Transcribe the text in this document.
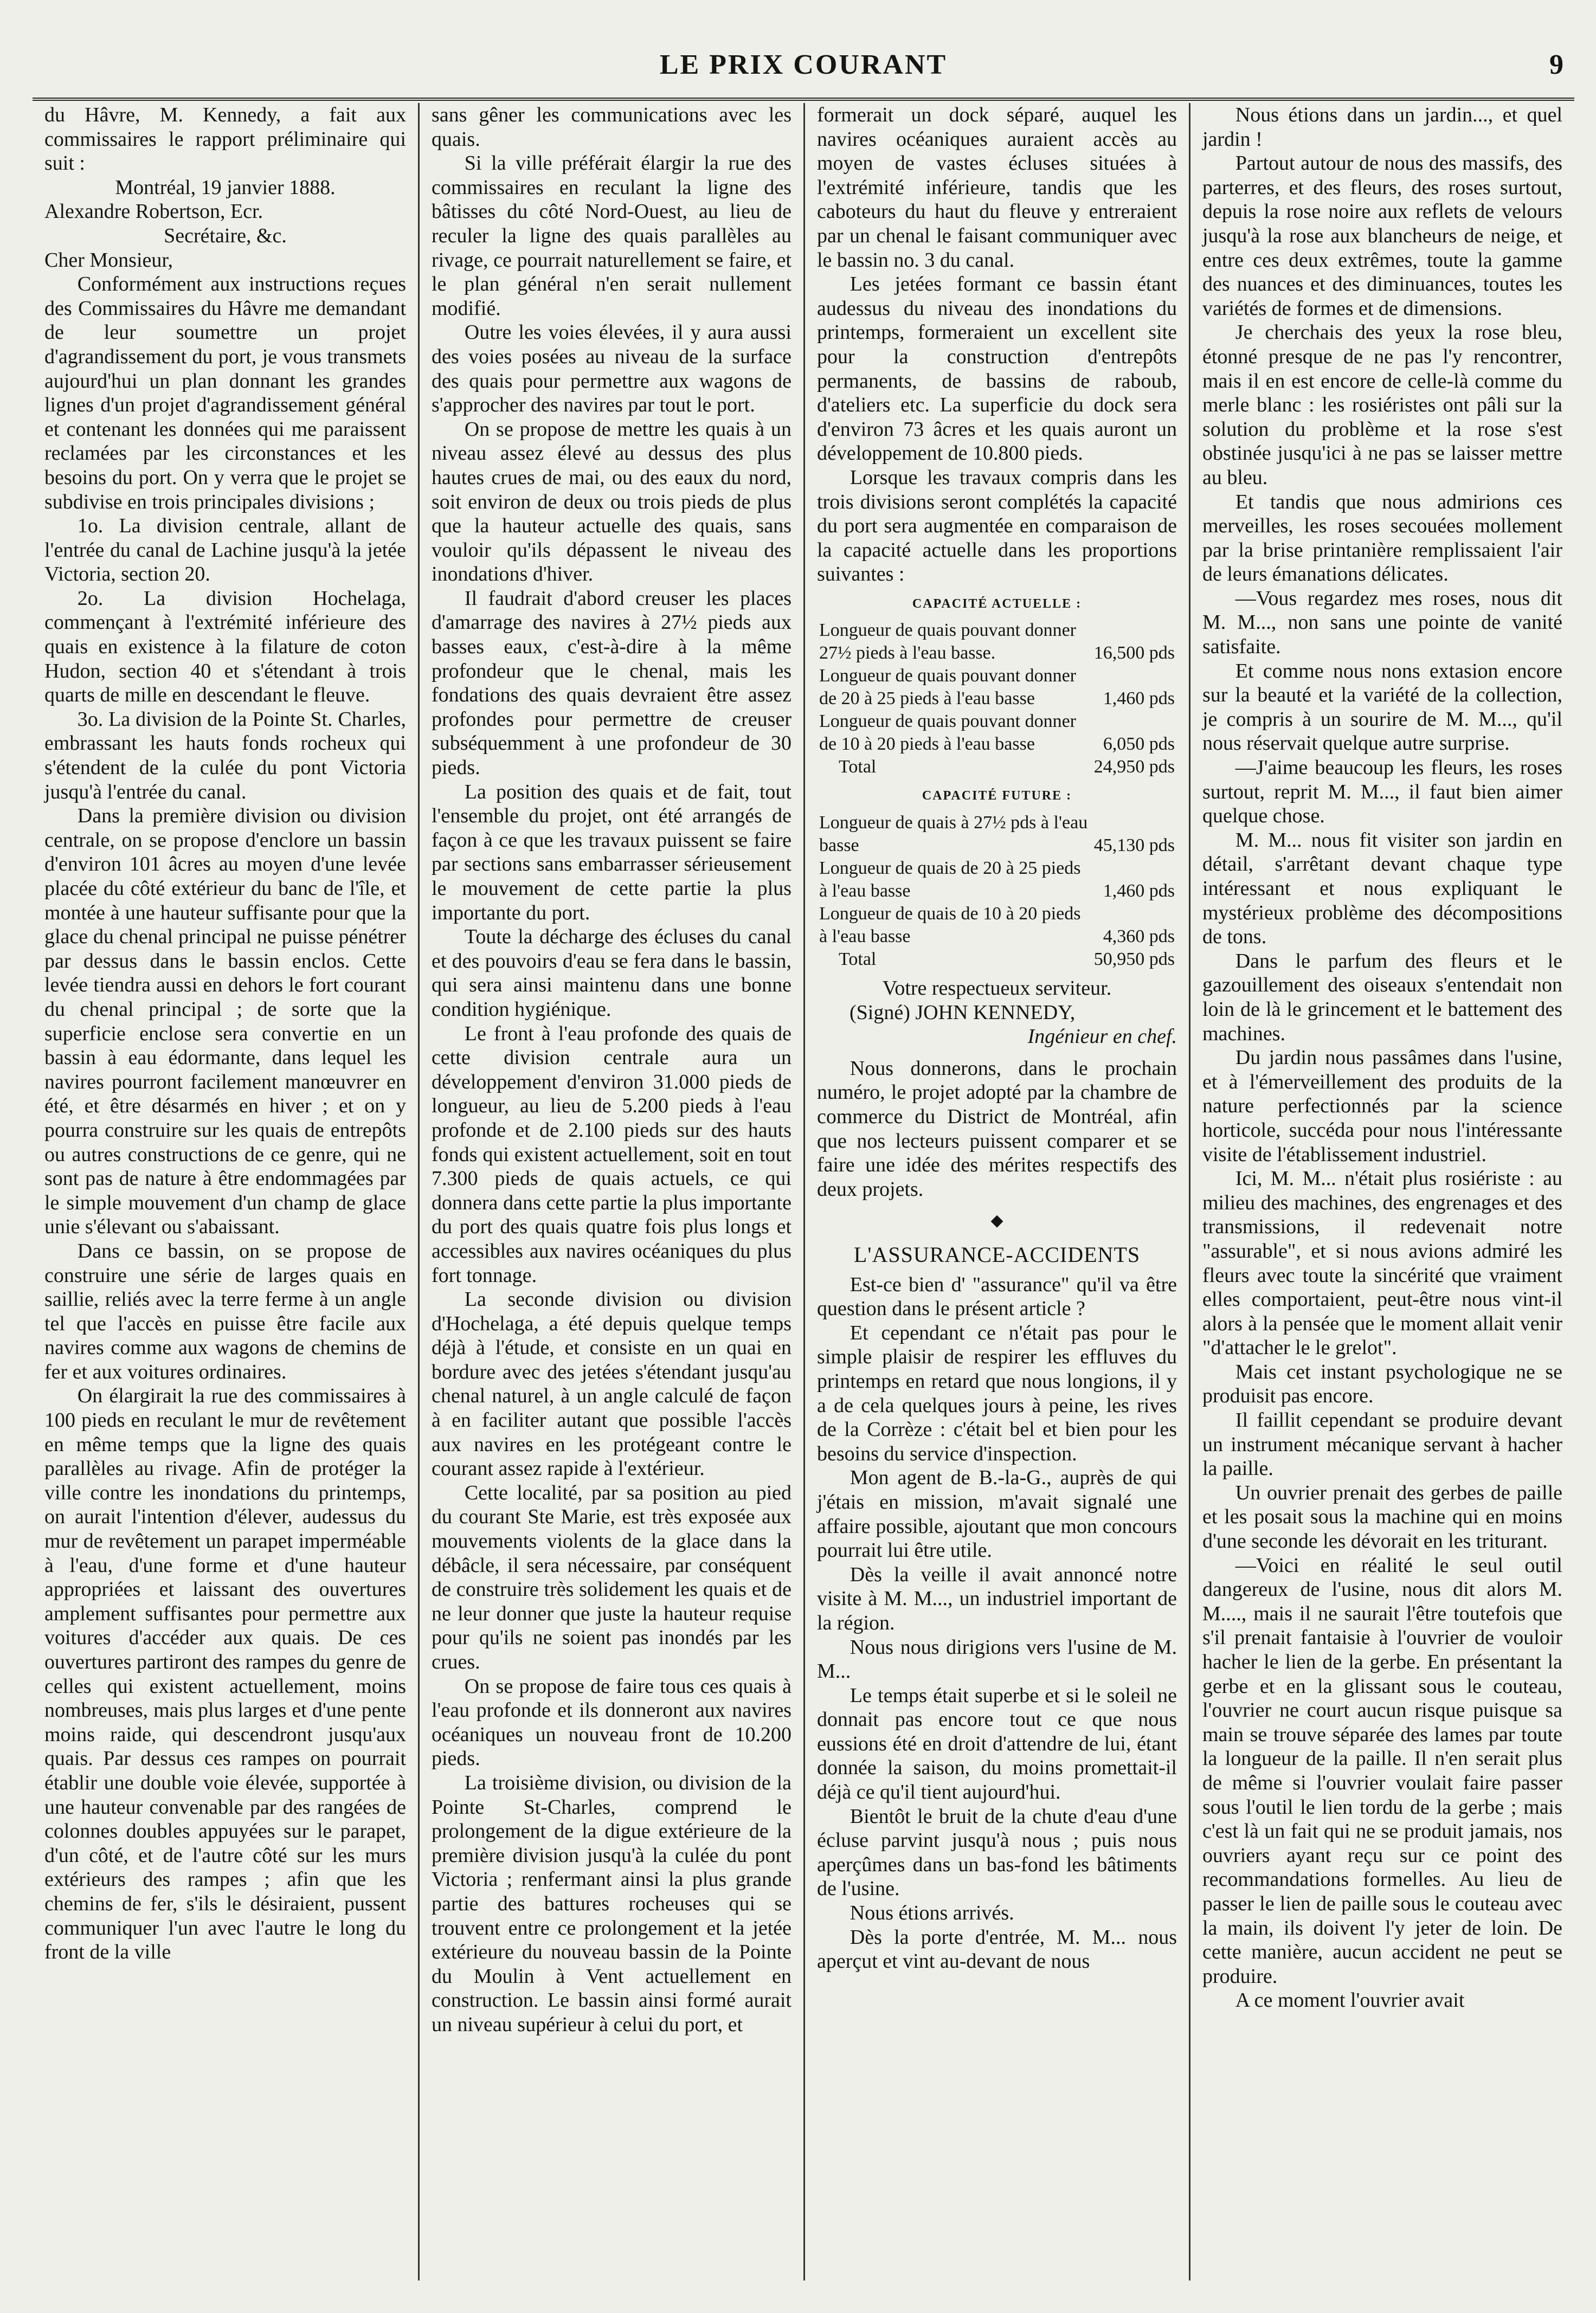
LE PRIX COURANT	9

du Hâvre, M. Kennedy, a fait aux commissaires le rapport préliminaire qui suit :

Montréal, 19 janvier 1888.

Alexandre Robertson, Ecr.

Secrétaire, &c.

Cher Monsieur,

Conformément aux instructions reçues des Commissaires du Hâvre me demandant de leur soumettre un projet d'agrandissement du port, je vous transmets aujourd'hui un plan donnant les grandes lignes d'un projet d'agrandissement général et contenant les données qui me paraissent reclamées par les circonstances et les besoins du port. On y verra que le projet se subdivise en trois principales divisions ;

1o. La division centrale, allant de l'entrée du canal de Lachine jusqu'à la jetée Victoria, section 20.

2o. La division Hochelaga, commençant à l'extrémité inférieure des quais en existence à la filature de coton Hudon, section 40 et s'étendant à trois quarts de mille en descendant le fleuve.

3o. La division de la Pointe St. Charles, embrassant les hauts fonds rocheux qui s'étendent de la culée du pont Victoria jusqu'à l'entrée du canal.

Dans la première division ou division centrale, on se propose d'enclore un bassin d'environ 101 âcres au moyen d'une levée placée du côté extérieur du banc de l'île, et montée à une hauteur suffisante pour que la glace du chenal principal ne puisse pénétrer par dessus dans le bassin enclos. Cette levée tiendra aussi en dehors le fort courant du chenal principal ; de sorte que la superficie enclose sera convertie en un bassin à eau édormante, dans lequel les navires pourront facilement manœuvrer en été, et être désarmés en hiver ; et on y pourra construire sur les quais de entrepôts ou autres constructions de ce genre, qui ne sont pas de nature à être endommagées par le simple mouvement d'un champ de glace unie s'élevant ou s'abaissant.

Dans ce bassin, on se propose de construire une série de larges quais en saillie, reliés avec la terre ferme à un angle tel que l'accès en puisse être facile aux navires comme aux wagons de chemins de fer et aux voitures ordinaires.

On élargirait la rue des commissaires à 100 pieds en reculant le mur de revêtement en même temps que la ligne des quais parallèles au rivage. Afin de protéger la ville contre les inondations du printemps, on aurait l'intention d'élever, audessus du mur de revêtement un parapet imperméable à l'eau, d'une forme et d'une hauteur appropriées et laissant des ouvertures amplement suffisantes pour permettre aux voitures d'accéder aux quais. De ces ouvertures partiront des rampes du genre de celles qui existent actuellement, moins nombreuses, mais plus larges et d'une pente moins raide, qui descendront jusqu'aux quais. Par dessus ces rampes on pourrait établir une double voie élevée, supportée à une hauteur convenable par des rangées de colonnes doubles appuyées sur le parapet, d'un côté, et de l'autre côté sur les murs extérieurs des rampes ; afin que les chemins de fer, s'ils le désiraient, pussent communiquer l'un avec l'autre le long du front de la ville

sans gêner les communications avec les quais.

Si la ville préférait élargir la rue des commissaires en reculant la ligne des bâtisses du côté Nord-Ouest, au lieu de reculer la ligne des quais parallèles au rivage, ce pourrait naturellement se faire, et le plan général n'en serait nullement modifié.

Outre les voies élevées, il y aura aussi des voies posées au niveau de la surface des quais pour permettre aux wagons de s'approcher des navires par tout le port.

On se propose de mettre les quais à un niveau assez élevé au dessus des plus hautes crues de mai, ou des eaux du nord, soit environ de deux ou trois pieds de plus que la hauteur actuelle des quais, sans vouloir qu'ils dépassent le niveau des inondations d'hiver.

Il faudrait d'abord creuser les places d'amarrage des navires à 27½ pieds aux basses eaux, c'est-à-dire à la même profondeur que le chenal, mais les fondations des quais devraient être assez profondes pour permettre de creuser subséquemment à une profondeur de 30 pieds.

La position des quais et de fait, tout l'ensemble du projet, ont été arrangés de façon à ce que les travaux puissent se faire par sections sans embarrasser sérieusement le mouvement de cette partie la plus importante du port.

Toute la décharge des écluses du canal et des pouvoirs d'eau se fera dans le bassin, qui sera ainsi maintenu dans une bonne condition hygiénique.

Le front à l'eau profonde des quais de cette division centrale aura un développement d'environ 31.000 pieds de longueur, au lieu de 5.200 pieds à l'eau profonde et de 2.100 pieds sur des hauts fonds qui existent actuellement, soit en tout 7.300 pieds de quais actuels, ce qui donnera dans cette partie la plus importante du port des quais quatre fois plus longs et accessibles aux navires océaniques du plus fort tonnage.

La seconde division ou division d'Hochelaga, a été depuis quelque temps déjà à l'étude, et consiste en un quai en bordure avec des jetées s'étendant jusqu'au chenal naturel, à un angle calculé de façon à en faciliter autant que possible l'accès aux navires en les protégeant contre le courant assez rapide à l'extérieur.

Cette localité, par sa position au pied du courant Ste Marie, est très exposée aux mouvements violents de la glace dans la débâcle, il sera nécessaire, par conséquent de construire très solidement les quais et de ne leur donner que juste la hauteur requise pour qu'ils ne soient pas inondés par les crues.

On se propose de faire tous ces quais à l'eau profonde et ils donneront aux navires océaniques un nouveau front de 10.200 pieds.

La troisième division, ou division de la Pointe St-Charles, comprend le prolongement de la digue extérieure de la première division jusqu'à la culée du pont Victoria ; renfermant ainsi la plus grande partie des battures rocheuses qui se trouvent entre ce prolongement et la jetée extérieure du nouveau bassin de la Pointe du Moulin à Vent actuellement en construction. Le bassin ainsi formé aurait un niveau supérieur à celui du port, et

formerait un dock séparé, auquel les navires océaniques auraient accès au moyen de vastes écluses situées à l'extrémité inférieure, tandis que les caboteurs du haut du fleuve y entreraient par un chenal le faisant communiquer avec le bassin no. 3 du canal.

Les jetées formant ce bassin étant audessus du niveau des inondations du printemps, formeraient un excellent site pour la construction d'entrepôts permanents, de bassins de raboub, d'ateliers etc. La superficie du dock sera d'environ 73 âcres et les quais auront un développement de 10.800 pieds.

Lorsque les travaux compris dans les trois divisions seront complétés la capacité du port sera augmentée en comparaison de la capacité actuelle dans les proportions suivantes :

CAPACITÉ ACTUELLE :
Longueur de quais pouvant donner 27½ pieds à l'eau basse.	16,500 pds
Longueur de quais pouvant donner de 20 à 25 pieds à l'eau basse	1,460 pds
Longueur de quais pouvant donner de 10 à 20 pieds à l'eau basse	6,050 pds
Total	24,950 pds
CAPACITÉ FUTURE :
Longueur de quais à 27½ pds à l'eau basse	45,130 pds
Longueur de quais de 20 à 25 pieds à l'eau basse	1,460 pds
Longueur de quais de 10 à 20 pieds à l'eau basse	4,360 pds
Total	50,950 pds

Votre respectueux serviteur.

(Signé) JOHN KENNEDY,

Ingénieur en chef.

Nous donnerons, dans le prochain numéro, le projet adopté par la chambre de commerce du District de Montréal, afin que nos lecteurs puissent comparer et se faire une idée des mérites respectifs des deux projets.

◆
L'ASSURANCE-ACCIDENTS

Est-ce bien d' "assurance" qu'il va être question dans le présent article ?

Et cependant ce n'était pas pour le simple plaisir de respirer les effluves du printemps en retard que nous longions, il y a de cela quelques jours à peine, les rives de la Corrèze : c'était bel et bien pour les besoins du service d'inspection.

Mon agent de B.-la-G., auprès de qui j'étais en mission, m'avait signalé une affaire possible, ajoutant que mon concours pourrait lui être utile.

Dès la veille il avait annoncé notre visite à M. M..., un industriel important de la région.

Nous nous dirigions vers l'usine de M. M...

Le temps était superbe et si le soleil ne donnait pas encore tout ce que nous eussions été en droit d'attendre de lui, étant donnée la saison, du moins promettait-il déjà ce qu'il tient aujourd'hui.

Bientôt le bruit de la chute d'eau d'une écluse parvint jusqu'à nous ; puis nous aperçûmes dans un bas-fond les bâtiments de l'usine.

Nous étions arrivés.

Dès la porte d'entrée, M. M... nous aperçut et vint au-devant de nous

Nous étions dans un jardin..., et quel jardin !

Partout autour de nous des massifs, des parterres, et des fleurs, des roses surtout, depuis la rose noire aux reflets de velours jusqu'à la rose aux blancheurs de neige, et entre ces deux extrêmes, toute la gamme des nuances et des diminuances, toutes les variétés de formes et de dimensions.

Je cherchais des yeux la rose bleu, étonné presque de ne pas l'y rencontrer, mais il en est encore de celle-là comme du merle blanc : les rosiéristes ont pâli sur la solution du problème et la rose s'est obstinée jusqu'ici à ne pas se laisser mettre au bleu.

Et tandis que nous admirions ces merveilles, les roses secouées mollement par la brise printanière remplissaient l'air de leurs émanations délicates.

—Vous regardez mes roses, nous dit M. M..., non sans une pointe de vanité satisfaite.

Et comme nous nons extasion encore sur la beauté et la variété de la collection, je compris à un sourire de M. M..., qu'il nous réservait quelque autre surprise.

—J'aime beaucoup les fleurs, les roses surtout, reprit M. M..., il faut bien aimer quelque chose.

M. M... nous fit visiter son jardin en détail, s'arrêtant devant chaque type intéressant et nous expliquant le mystérieux problème des décompositions de tons.

Dans le parfum des fleurs et le gazouillement des oiseaux s'entendait non loin de là le grincement et le battement des machines.

Du jardin nous passâmes dans l'usine, et à l'émerveillement des produits de la nature perfectionnés par la science horticole, succéda pour nous l'intéressante visite de l'établissement industriel.

Ici, M. M... n'était plus rosiériste : au milieu des machines, des engrenages et des transmissions, il redevenait notre "assurable", et si nous avions admiré les fleurs avec toute la sincérité que vraiment elles comportaient, peut-être nous vint-il alors à la pensée que le moment allait venir "d'attacher le le grelot".

Mais cet instant psychologique ne se produisit pas encore.

Il faillit cependant se produire devant un instrument mécanique servant à hacher la paille.

Un ouvrier prenait des gerbes de paille et les posait sous la machine qui en moins d'une seconde les dévorait en les triturant.

—Voici en réalité le seul outil dangereux de l'usine, nous dit alors M. M...., mais il ne saurait l'être toutefois que s'il prenait fantaisie à l'ouvrier de vouloir hacher le lien de la gerbe. En présentant la gerbe et en la glissant sous le couteau, l'ouvrier ne court aucun risque puisque sa main se trouve séparée des lames par toute la longueur de la paille. Il n'en serait plus de même si l'ouvrier voulait faire passer sous l'outil le lien tordu de la gerbe ; mais c'est là un fait qui ne se produit jamais, nos ouvriers ayant reçu sur ce point des recommandations formelles. Au lieu de passer le lien de paille sous le couteau avec la main, ils doivent l'y jeter de loin. De cette manière, aucun accident ne peut se produire.

A ce moment l'ouvrier avait
